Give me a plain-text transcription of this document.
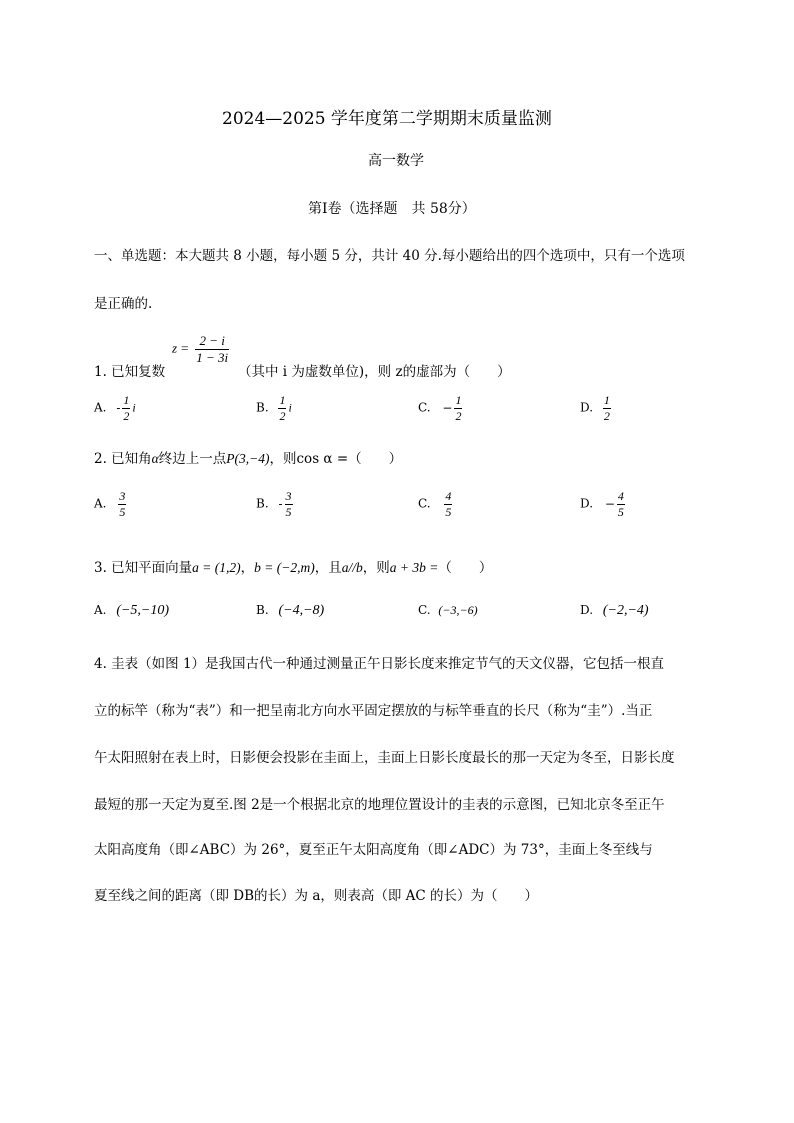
2024—2025 学年度第二学期期末质量监测
高一数学
第Ⅰ卷（选择题　共 58分）
一、单选题：本大题共 8 小题，每小题 5 分，共计 40 分.每小题给出的四个选项中，只有一个选项
是正确的.
$z = \frac{2 - i}{1 - 3i}$
1. 已知复数	（其中 i 为虚数单位)，则 z的虚部为（　　）
A. - $\frac{1}{2}$ i	B. $\frac{1}{2}$ i	C. − $\frac{1}{2}$	D. $\frac{1}{2}$
2. 已知角α终边上一点P(3,−4)，则cos α =（　　）
A. $\frac{3}{5}$	B. - $\frac{3}{5}$	C. $\frac{4}{5}$	D. − $\frac{4}{5}$
3. 已知平面向量a = (1,2)，b = (−2,m)，且a//b，则a + 3b =（　　）
A. (−5,−10)	B. (−4,−8)	C. (−3,−6)	D. (−2,−4)
4. 圭表（如图 1）是我国古代一种通过测量正午日影长度来推定节气的天文仪器，它包括一根直
立的标竿（称为“表”）和一把呈南北方向水平固定摆放的与标竿垂直的长尺（称为“圭”）.当正
午太阳照射在表上时，日影便会投影在圭面上，圭面上日影长度最长的那一天定为冬至，日影长度
最短的那一天定为夏至.图 2是一个根据北京的地理位置设计的圭表的示意图，已知北京冬至正午
太阳高度角（即∠ABC）为 26°，夏至正午太阳高度角（即∠ADC）为 73°，圭面上冬至线与
夏至线之间的距离（即 DB的长）为 a，则表高（即 AC 的长）为（　　）
